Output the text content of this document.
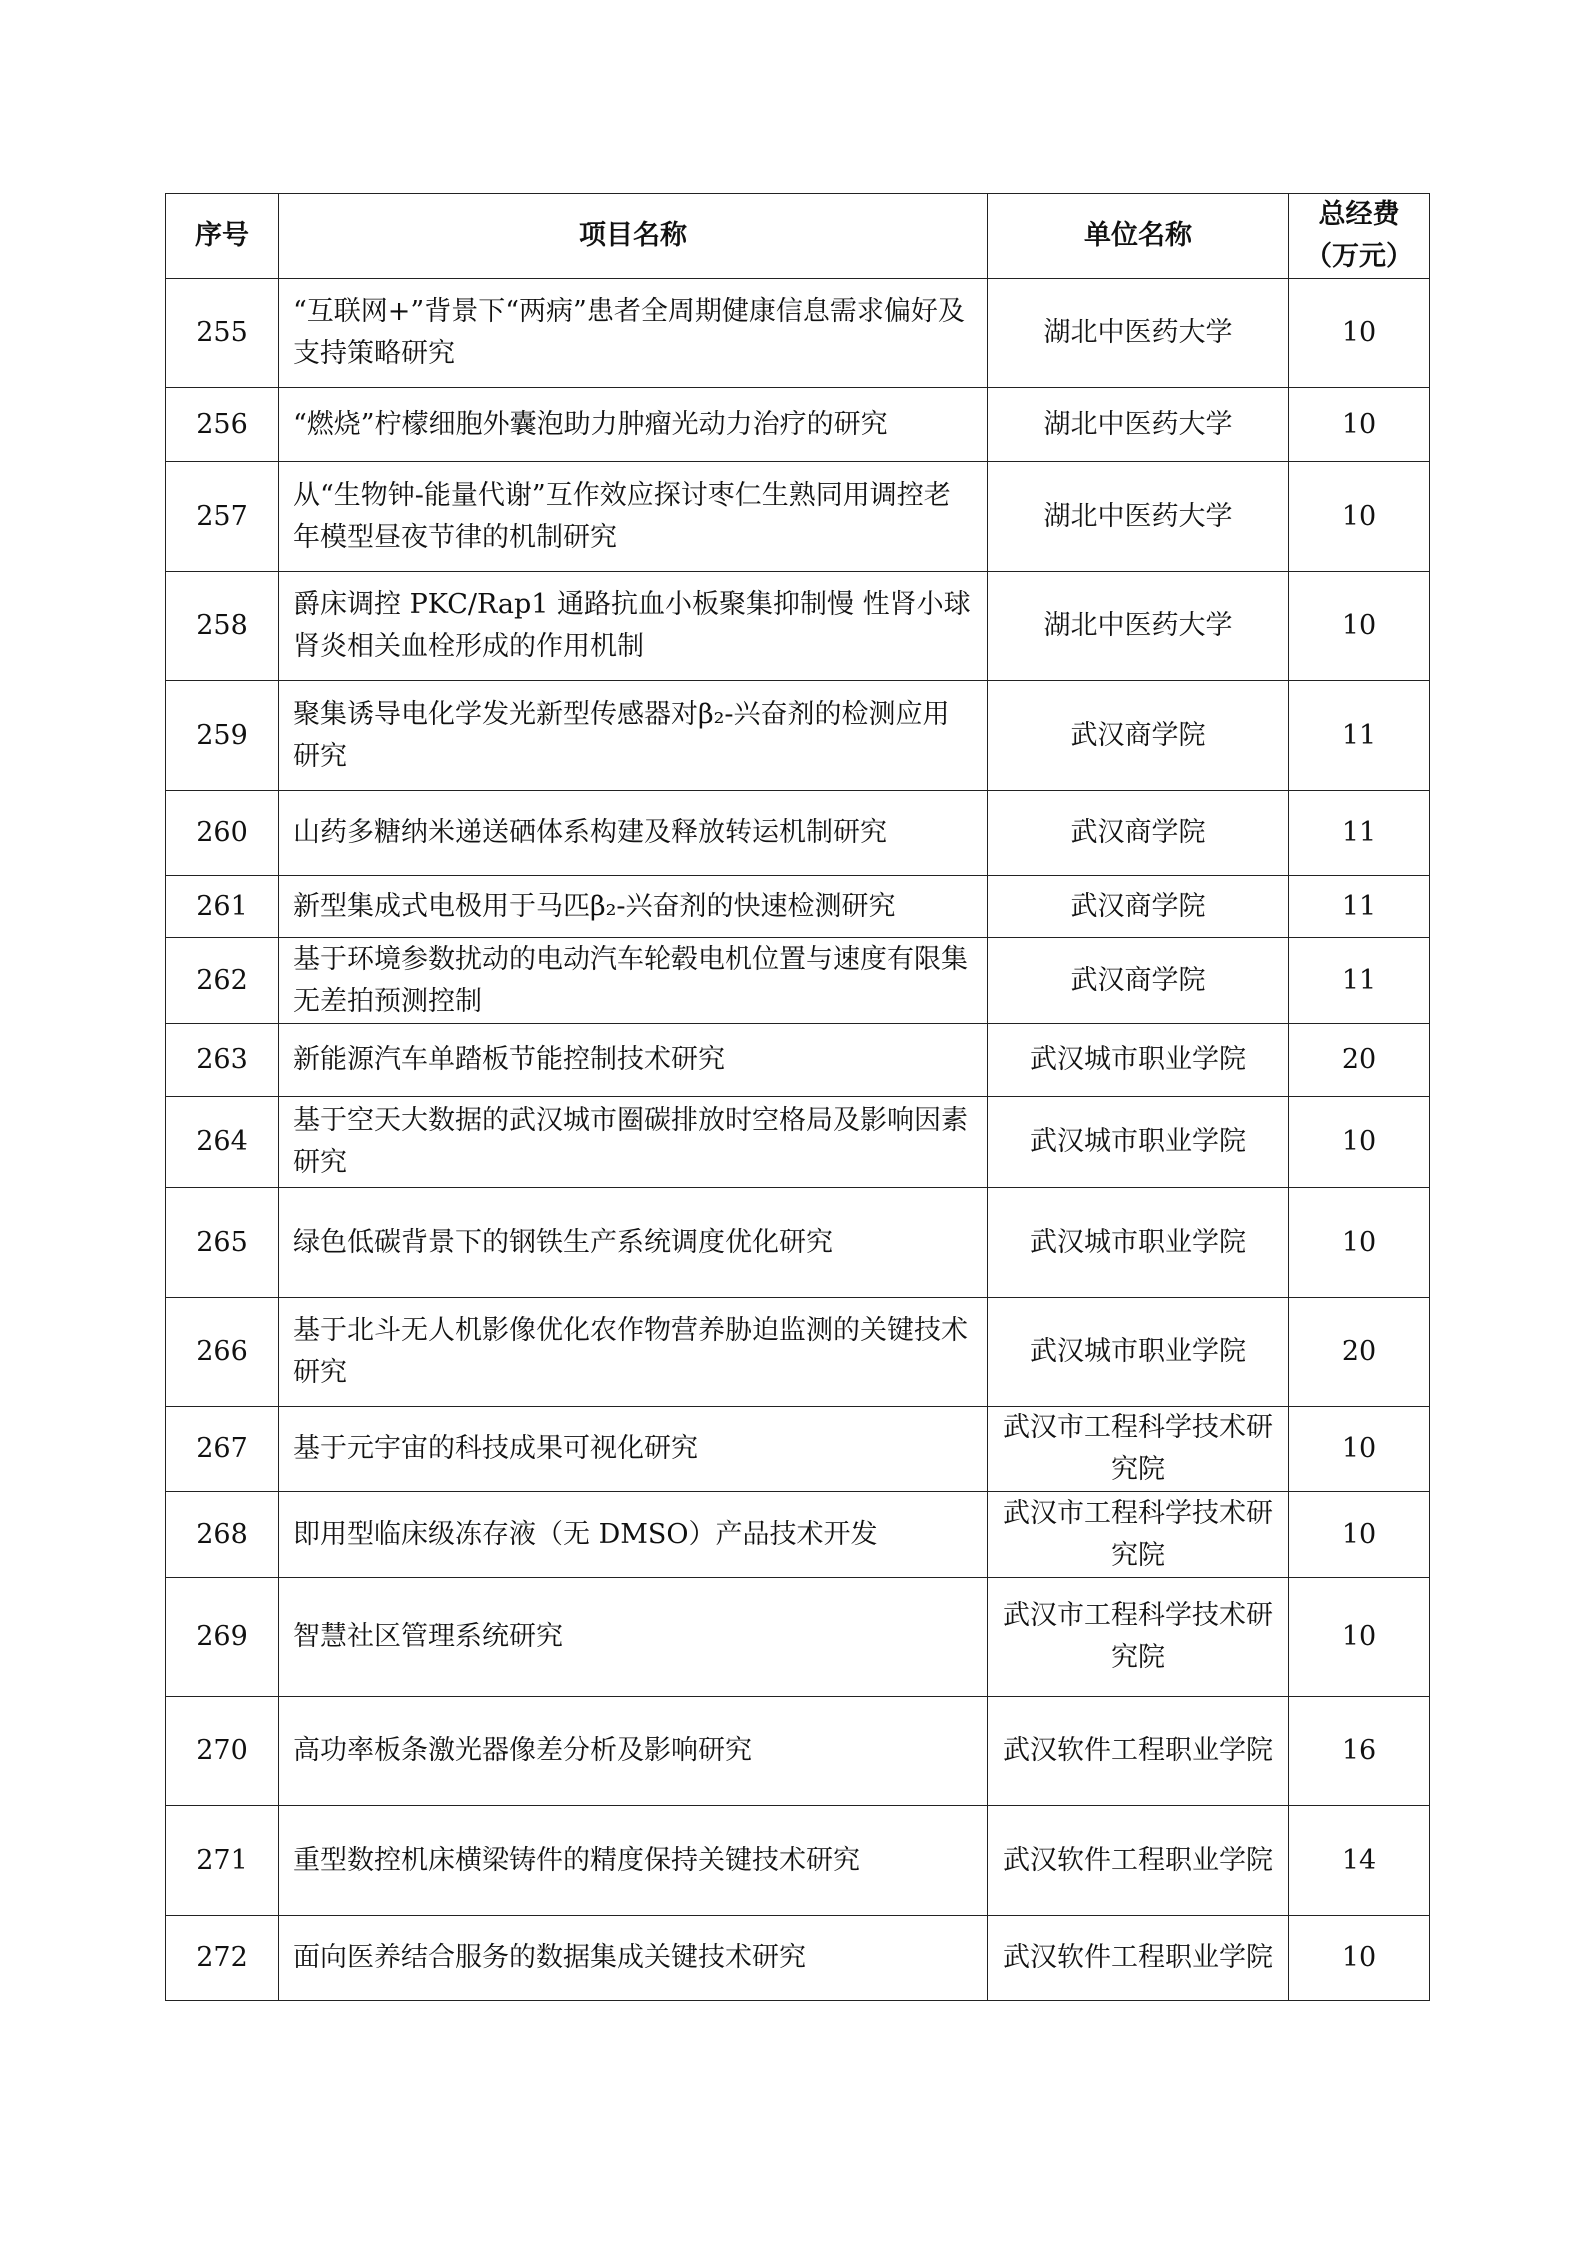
序号	项目名称	单位名称	总经费
（万元）
255	“互联网+”背景下“两病”患者全周期健康信息需求偏好及支持策略研究	湖北中医药大学	10
256	“燃烧”柠檬细胞外囊泡助力肿瘤光动力治疗的研究	湖北中医药大学	10
257	从“生物钟-能量代谢”互作效应探讨枣仁生熟同用调控老年模型昼夜节律的机制研究	湖北中医药大学	10
258	爵床调控 PKC/Rap1 通路抗血小板聚集抑制慢 性肾小球肾炎相关血栓形成的作用机制	湖北中医药大学	10
259	聚集诱导电化学发光新型传感器对β₂-兴奋剂的检测应用研究	武汉商学院	11
260	山药多糖纳米递送硒体系构建及释放转运机制研究	武汉商学院	11
261	新型集成式电极用于马匹β₂-兴奋剂的快速检测研究	武汉商学院	11
262	基于环境参数扰动的电动汽车轮毂电机位置与速度有限集无差拍预测控制	武汉商学院	11
263	新能源汽车单踏板节能控制技术研究	武汉城市职业学院	20
264	基于空天大数据的武汉城市圈碳排放时空格局及影响因素研究	武汉城市职业学院	10
265	绿色低碳背景下的钢铁生产系统调度优化研究	武汉城市职业学院	10
266	基于北斗无人机影像优化农作物营养胁迫监测的关键技术研究	武汉城市职业学院	20
267	基于元宇宙的科技成果可视化研究	武汉市工程科学技术研究院	10
268	即用型临床级冻存液（无 DMSO）产品技术开发	武汉市工程科学技术研究院	10
269	智慧社区管理系统研究	武汉市工程科学技术研究院	10
270	高功率板条激光器像差分析及影响研究	武汉软件工程职业学院	16
271	重型数控机床横梁铸件的精度保持关键技术研究	武汉软件工程职业学院	14
272	面向医养结合服务的数据集成关键技术研究	武汉软件工程职业学院	10
